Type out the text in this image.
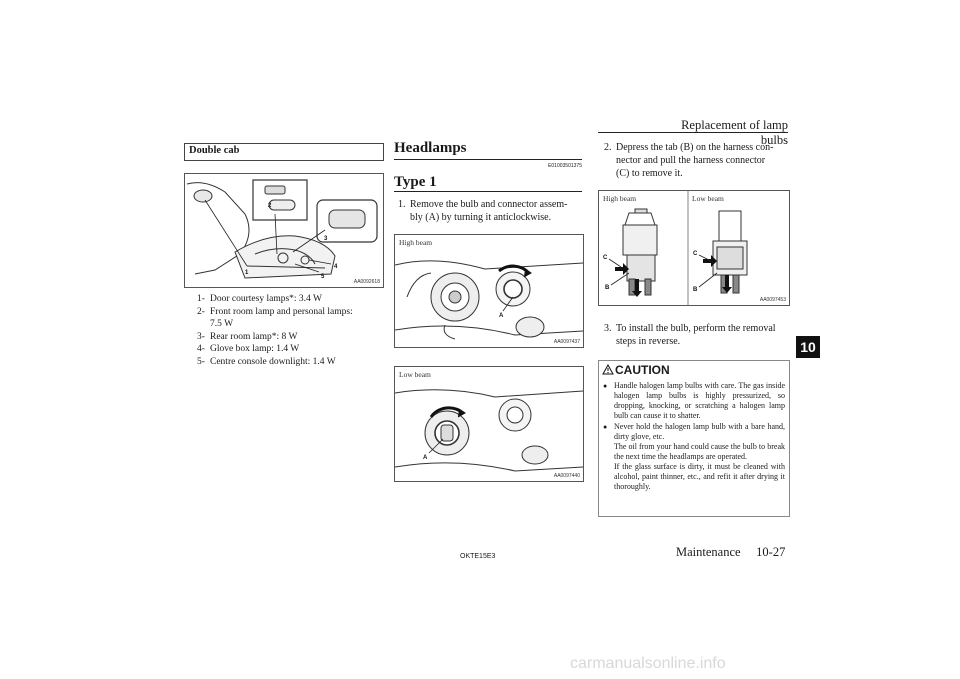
Replacement of lamp bulbs
Double cab
1
2
3
4
5
AA0092618
1- Door courtesy lamps*: 3.4 W
2- Front room lamp and personal lamps:
7.5 W
3- Rear room lamp*: 8 W
4- Glove box lamp: 1.4 W
5- Centre console downlight: 1.4 W
Headlamps
E01003501375
Type 1
1. Remove the bulb and connector assem-
bly (A) by turning it anticlockwise.
A
High beam
AA0097437
A
Low beam
AA0097440
2. Depress the tab (B) on the harness con-
nector and pull the harness connector
(C) to remove it.
C
B
C
B
High beam	Low beam
AA0097453
3. To install the bulb, perform the removal
steps in reverse.
CAUTION
● Handle halogen lamp bulbs with care. The gas inside halogen lamp bulbs is highly pressurized, so dropping, knocking, or scratching a halogen lamp bulb can cause it to shatter.
● Never hold the halogen lamp bulb with a bare hand, dirty glove, etc.
The oil from your hand could cause the bulb to break the next time the headlamps are operated.
If the glass surface is dirty, it must be cleaned with alcohol, paint thinner, etc., and refit it after drying it thoroughly.
10
OKTE15E3	Maintenance     10-27
carmanualsonline.info
